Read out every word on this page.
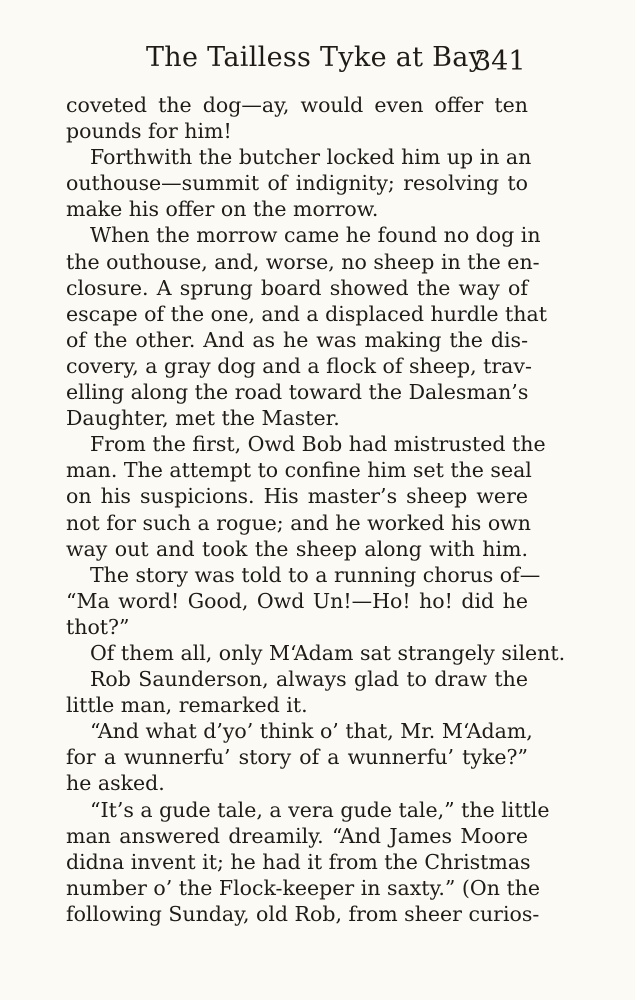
The Tailless Tyke at Bay
341
coveted the dog—ay, would even offer ten
pounds for him!
Forthwith the butcher locked him up in an
outhouse—summit of indignity; resolving to
make his offer on the morrow.
When the morrow came he found no dog in
the outhouse, and, worse, no sheep in the en-
closure. A sprung board showed the way of
escape of the one, and a displaced hurdle that
of the other. And as he was making the dis-
covery, a gray dog and a flock of sheep, trav-
elling along the road toward the Dalesman’s
Daughter, met the Master.
From the first, Owd Bob had mistrusted the
man. The attempt to confine him set the seal
on his suspicions. His master’s sheep were
not for such a rogue; and he worked his own
way out and took the sheep along with him.
The story was told to a running chorus of—
“Ma word! Good, Owd Un!—Ho! ho! did he
thot?”
Of them all, only M‘Adam sat strangely silent.
Rob Saunderson, always glad to draw the
little man, remarked it.
“And what d’yo’ think o’ that, Mr. M‘Adam,
for a wunnerfu’ story of a wunnerfu’ tyke?”
he asked.
“It’s a gude tale, a vera gude tale,” the little
man answered dreamily. “And James Moore
didna invent it; he had it from the Christmas
number o’ the Flock-keeper in saxty.” (On the
following Sunday, old Rob, from sheer curios-
